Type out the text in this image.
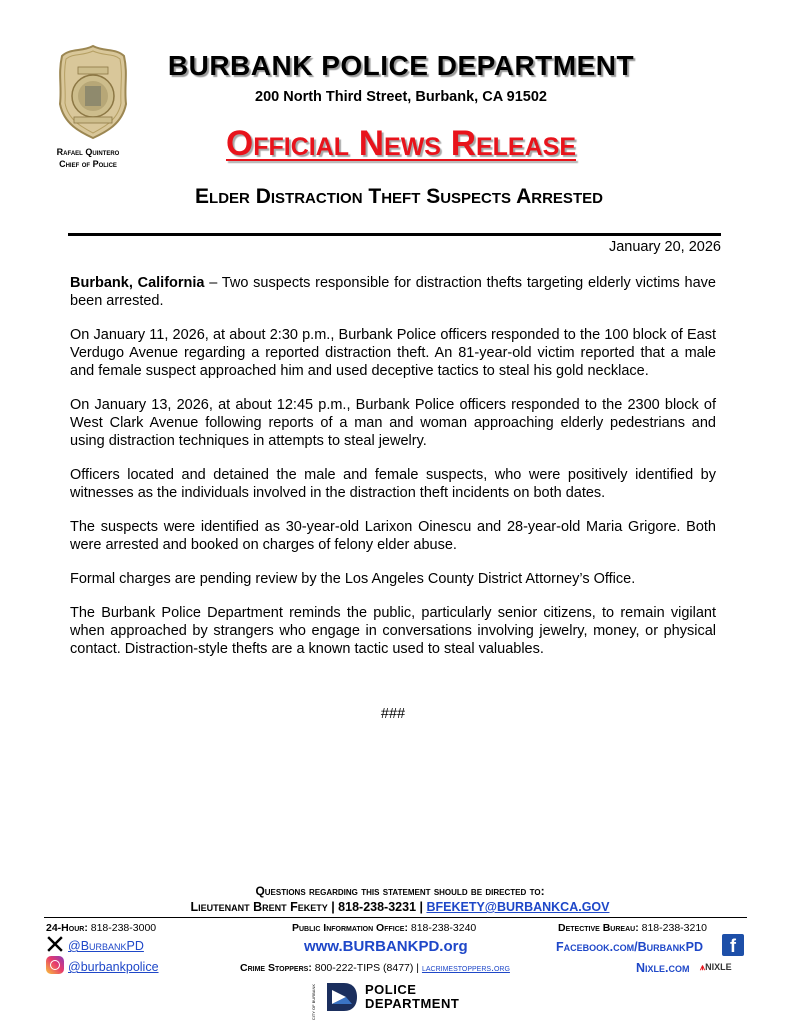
Rafael Quintero
Chief of Police
BURBANK POLICE DEPARTMENT
200 North Third Street, Burbank, CA 91502
Official News Release
Elder Distraction Theft Suspects Arrested
January 20, 2026

Burbank, California – Two suspects responsible for distraction thefts targeting elderly victims have been arrested.

On January 11, 2026, at about 2:30 p.m., Burbank Police officers responded to the 100 block of East Verdugo Avenue regarding a reported distraction theft. An 81-year-old victim reported that a male and female suspect approached him and used deceptive tactics to steal his gold necklace.

On January 13, 2026, at about 12:45 p.m., Burbank Police officers responded to the 2300 block of West Clark Avenue following reports of a man and woman approaching elderly pedestrians and using distraction techniques in attempts to steal jewelry.

Officers located and detained the male and female suspects, who were positively identified by witnesses as the individuals involved in the distraction theft incidents on both dates.

The suspects were identified as 30-year-old Larixon Oinescu and 28-year-old Maria Grigore. Both were arrested and booked on charges of felony elder abuse.

Formal charges are pending review by the Los Angeles County District Attorney’s Office.

The Burbank Police Department reminds the public, particularly senior citizens, to remain vigilant when approached by strangers who engage in conversations involving jewelry, money, or physical contact. Distraction-style thefts are a known tactic used to steal valuables.

###
Questions regarding this statement should be directed to:
Lieutenant Brent Fekety | 818-238-3231 | BFEKETY@BURBANKCA.GOV
24-Hour: 818-238-3000	Public Information Office: 818-238-3240	Detective Bureau: 818-238-3210
@BurbankPD	www.BURBANKPD.org	Facebook.com/BurbankPD	f
@burbankpolice	Crime Stoppers: 800-222-TIPS (8477) | lacrimestoppers.org	Nixle.com ⩚NIXLE
CITY OF BURBANK	POLICE
DEPARTMENT
